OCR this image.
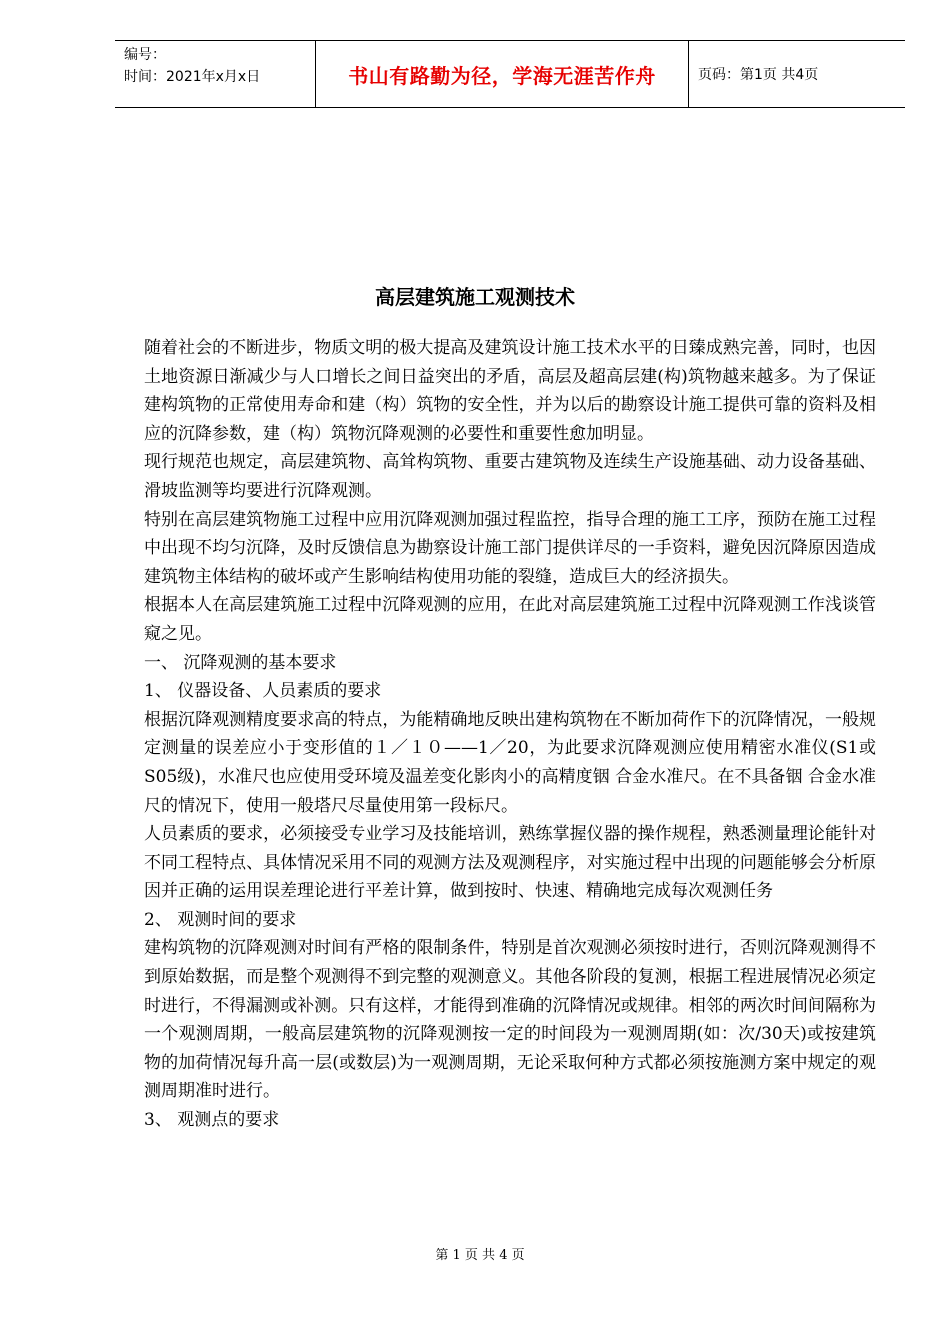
编号：
时间：2021年x月x日	书山有路勤为径，学海无涯苦作舟	页码：第1页 共4页
高层建筑施工观测技术

随着社会的不断进步，物质文明的极大提高及建筑设计施工技术水平的日臻成熟完善，同时，也因土地资源日渐减少与人口增长之间日益突出的矛盾，高层及超高层建(构)筑物越来越多。为了保证建构筑物的正常使用寿命和建（构）筑物的安全性，并为以后的勘察设计施工提供可靠的资料及相应的沉降参数，建（构）筑物沉降观测的必要性和重要性愈加明显。

现行规范也规定，高层建筑物、高耸构筑物、重要古建筑物及连续生产设施基础、动力设备基础、滑坡监测等均要进行沉降观测。

特别在高层建筑物施工过程中应用沉降观测加强过程监控，指导合理的施工工序，预防在施工过程中出现不均匀沉降，及时反馈信息为勘察设计施工部门提供详尽的一手资料，避免因沉降原因造成建筑物主体结构的破坏或产生影响结构使用功能的裂缝，造成巨大的经济损失。

根据本人在高层建筑施工过程中沉降观测的应用，在此对高层建筑施工过程中沉降观测工作浅谈管窥之见。

一、 沉降观测的基本要求

1、 仪器设备、人员素质的要求

根据沉降观测精度要求高的特点，为能精确地反映出建构筑物在不断加荷作下的沉降情况，一般规定测量的误差应小于变形值的１／１０——1／20，为此要求沉降观测应使用精密水准仪(S1或S05级)，水准尺也应使用受环境及温差变化影肉小的高精度铟 合金水准尺。在不具备铟 合金水准尺的情况下，使用一般塔尺尽量使用第一段标尺。

人员素质的要求，必须接受专业学习及技能培训，熟练掌握仪器的操作规程，熟悉测量理论能针对不同工程特点、具体情况采用不同的观测方法及观测程序，对实施过程中出现的问题能够会分析原因并正确的运用误差理论进行平差计算，做到按时、快速、精确地完成每次观测任务

2、 观测时间的要求

建构筑物的沉降观测对时间有严格的限制条件，特别是首次观测必须按时进行，否则沉降观测得不到原始数据，而是整个观测得不到完整的观测意义。其他各阶段的复测，根据工程进展情况必须定时进行，不得漏测或补测。只有这样，才能得到准确的沉降情况或规律。相邻的两次时间间隔称为一个观测周期，一般高层建筑物的沉降观测按一定的时间段为一观测周期(如：次/30天)或按建筑物的加荷情况每升高一层(或数层)为一观测周期，无论采取何种方式都必须按施测方案中规定的观测周期准时进行。

3、 观测点的要求

第 1 页 共 4 页
